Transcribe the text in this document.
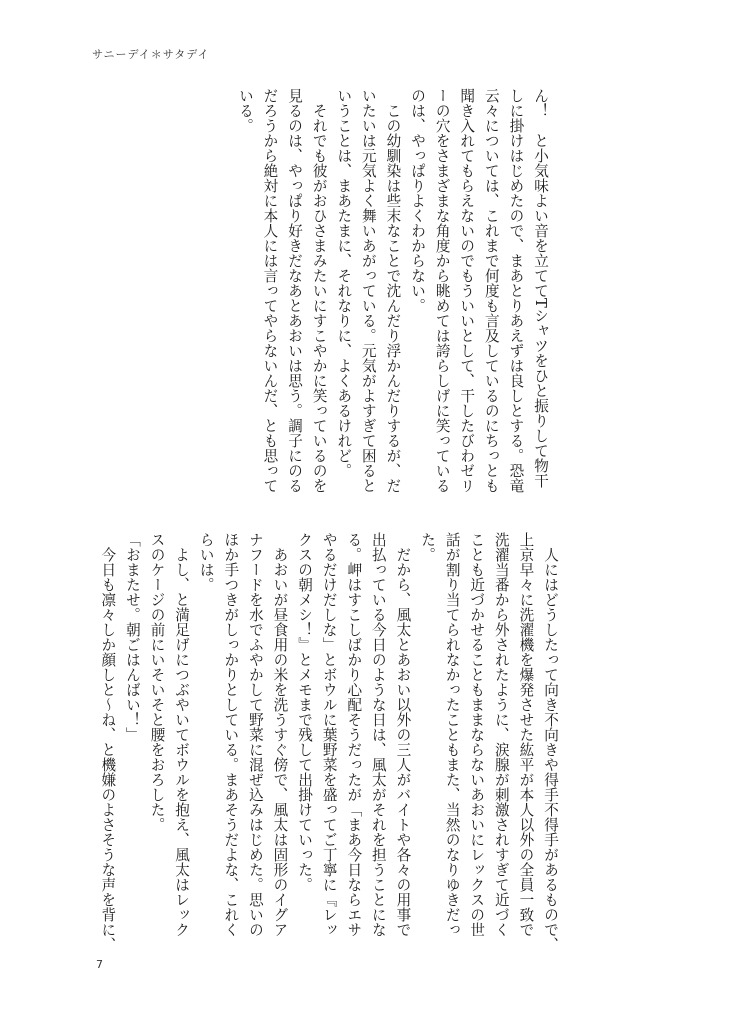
サニーデイ＊サタデイ

ん！　と小気味よい音を立ててTシャツをひと振りして物干

しに掛けはじめたので、まあとりあえずは良しとする。恐竜

云々については、これまで何度も言及しているのにちっとも

聞き入れてもらえないのでもういいとして、干したびわゼリ

ーの穴をさまざまな角度から眺めては誇らしげに笑っている

のは、やっぱりよくわからない。

　この幼馴染は些末なことで沈んだり浮かんだりするが、だ

いたいは元気よく舞いあがっている。元気がよすぎて困ると

いうことは、まあたまに、それなりに、よくあるけれど。

　それでも彼がおひさまみたいにすこやかに笑っているのを

見るのは、やっぱり好きだなあとあおいは思う。調子にのる

だろうから絶対に本人には言ってやらないんだ、とも思って

いる。

　人にはどうしたって向き不向きや得手不得手があるもので、

上京早々に洗濯機を爆発させた紘平が本人以外の全員一致で

洗濯当番から外されたように、涙腺が刺激されすぎて近づく

ことも近づかせることもままならないあおいにレックスの世

話が割り当てられなかったこともまた、当然のなりゆきだっ

た。

　だから、風太とあおい以外の三人がバイトや各々の用事で

出払っている今日のような日は、風太がそれを担うことにな

る。岬はすこしばかり心配そうだったが「まあ今日ならエサ

やるだけだしな」とボウルに葉野菜を盛ってご丁寧に『レッ

クスの朝メシ！』とメモまで残して出掛けていった。

　あおいが昼食用の米を洗うすぐ傍で、風太は固形のイグア

ナフードを水でふやかして野菜に混ぜ込みはじめた。思いの

ほか手つきがしっかりとしている。まあそうだよな、これく

らいは。

　よし、と満足げにつぶやいてボウルを抱え、風太はレック

スのケージの前にいそいそと腰をおろした。

「おまたせ。朝ごはんばい！」

　今日も凛々しか顔しと〜ね、と機嫌のよさそうな声を背に、

7
